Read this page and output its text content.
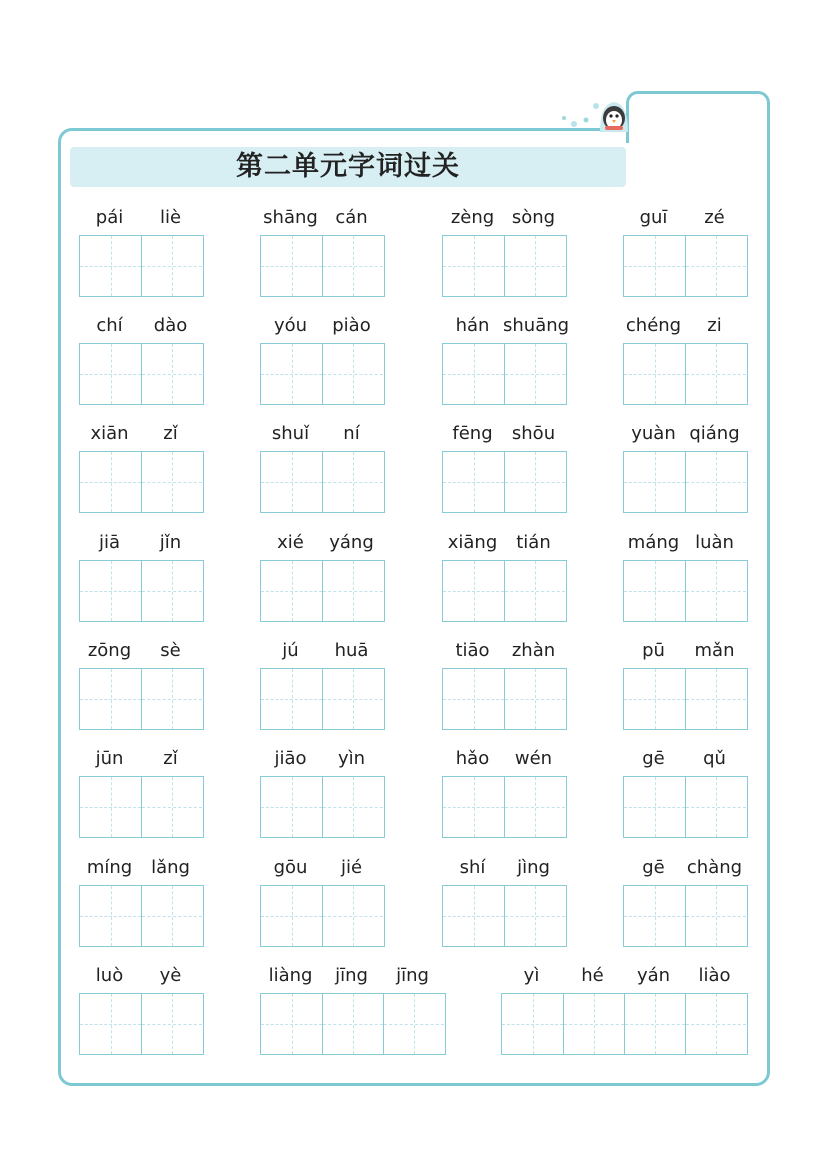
第二单元字词过关
pái	liè	shāng cán	zèng sòng	guī	zé
chí	dào	yóu	piào	hán shuāng	chéng	zi
xiān	zǐ	shuǐ	ní	fēng	shōu	yuàn qiáng
jiā	jǐn	xié	yáng	xiāng	tián	máng luàn
zōng	sè	jú	huā	tiāo	zhàn	pū	mǎn
jūn	zǐ	jiāo	yìn	hǎo	wén	gē	qǔ
míng	lǎng	gōu	jié	shí	jìng	gē	chàng
luò	yè	liàng	jīng	jīng	yì	hé	yán	liào
